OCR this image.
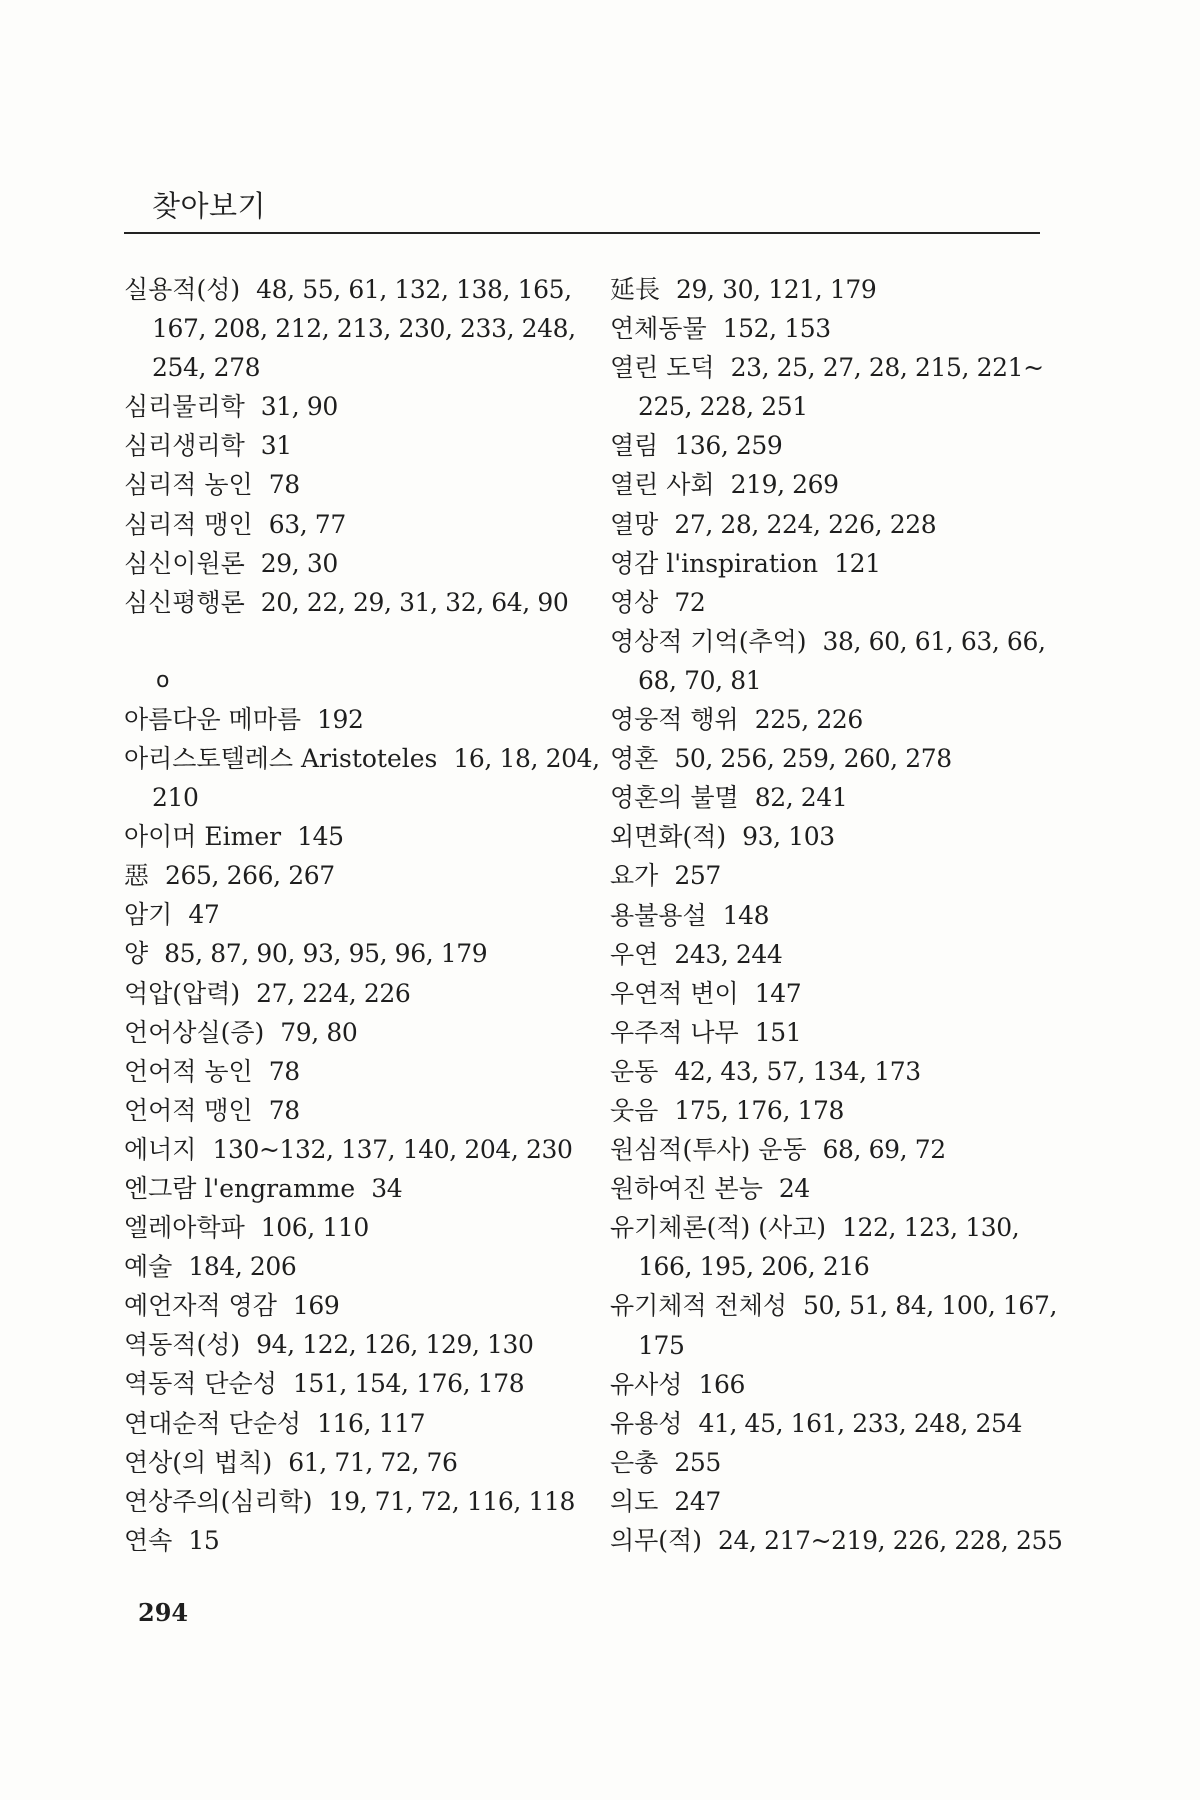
찾아보기
실용적(성) 48, 55, 61, 132, 138, 165,
167, 208, 212, 213, 230, 233, 248,
254, 278
심리물리학 31, 90
심리생리학 31
심리적 농인 78
심리적 맹인 63, 77
심신이원론 29, 30
심신평행론 20, 22, 29, 31, 32, 64, 90
o
아름다운 메마름 192
아리스토텔레스 Aristoteles 16, 18, 204,
210
아이머 Eimer 145
惡 265, 266, 267
암기 47
양 85, 87, 90, 93, 95, 96, 179
억압(압력) 27, 224, 226
언어상실(증) 79, 80
언어적 농인 78
언어적 맹인 78
에너지 130~132, 137, 140, 204, 230
엔그람 l'engramme 34
엘레아학파 106, 110
예술 184, 206
예언자적 영감 169
역동적(성) 94, 122, 126, 129, 130
역동적 단순성 151, 154, 176, 178
연대순적 단순성 116, 117
연상(의 법칙) 61, 71, 72, 76
연상주의(심리학) 19, 71, 72, 116, 118
연속 15
延長 29, 30, 121, 179
연체동물 152, 153
열린 도덕 23, 25, 27, 28, 215, 221~
225, 228, 251
열림 136, 259
열린 사회 219, 269
열망 27, 28, 224, 226, 228
영감 l'inspiration 121
영상 72
영상적 기억(추억) 38, 60, 61, 63, 66,
68, 70, 81
영웅적 행위 225, 226
영혼 50, 256, 259, 260, 278
영혼의 불멸 82, 241
외면화(적) 93, 103
요가 257
용불용설 148
우연 243, 244
우연적 변이 147
우주적 나무 151
운동 42, 43, 57, 134, 173
웃음 175, 176, 178
원심적(투사) 운동 68, 69, 72
원하여진 본능 24
유기체론(적) (사고) 122, 123, 130,
166, 195, 206, 216
유기체적 전체성 50, 51, 84, 100, 167,
175
유사성 166
유용성 41, 45, 161, 233, 248, 254
은총 255
의도 247
의무(적) 24, 217~219, 226, 228, 255
294
